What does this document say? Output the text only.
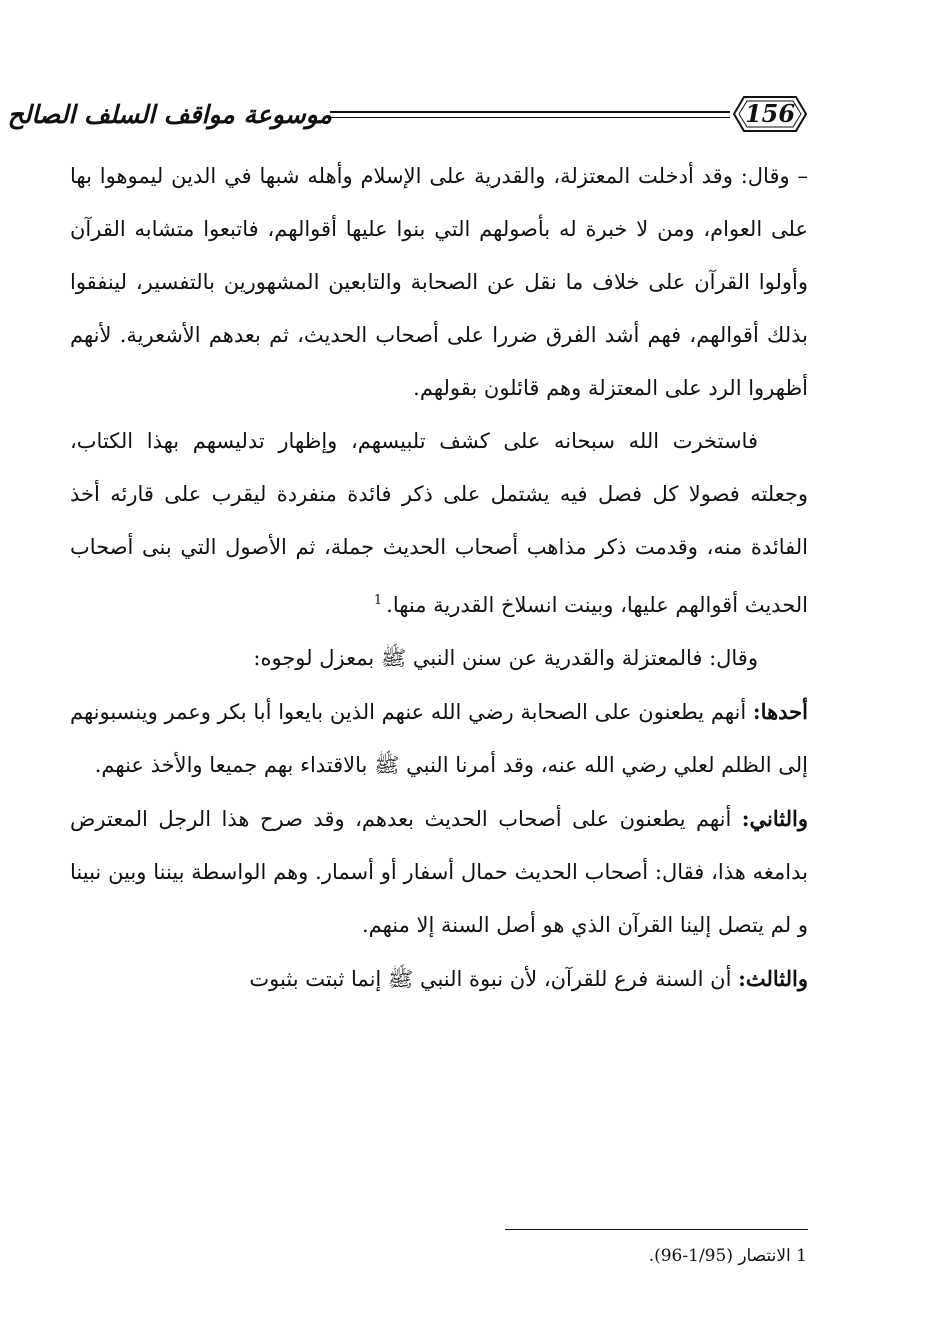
موسوعة مواقف السلف الصالح	156

– وقال: وقد أدخلت المعتزلة، والقدرية على الإسلام وأهله شبها في الدين ليموهوا بها على العوام، ومن لا خبرة له بأصولهم التي بنوا عليها أقوالهم، فاتبعوا متشابه القرآن وأولوا القرآن على خلاف ما نقل عن الصحابة والتابعين المشهورين بالتفسير، لينفقوا بذلك أقوالهم، فهم أشد الفرق ضررا على أصحاب الحديث، ثم بعدهم الأشعرية. لأنهم أظهروا الرد على المعتزلة وهم قائلون بقولهم.

فاستخرت الله سبحانه على كشف تلبيسهم، وإظهار تدليسهم بهذا الكتاب، وجعلته فصولا كل فصل فيه يشتمل على ذكر فائدة منفردة ليقرب على قارئه أخذ الفائدة منه، وقدمت ذكر مذاهب أصحاب الحديث جملة، ثم الأصول التي بنى أصحاب الحديث أقوالهم عليها، وبينت انسلاخ القدرية منها.$^1$

وقال: فالمعتزلة والقدرية عن سنن النبي ﷺ بمعزل لوجوه:

أحدها: أنهم يطعنون على الصحابة رضي الله عنهم الذين بايعوا أبا بكر وعمر وينسبونهم إلى الظلم لعلي رضي الله عنه، وقد أمرنا النبي ﷺ بالاقتداء بهم جميعا والأخذ عنهم.

والثاني: أنهم يطعنون على أصحاب الحديث بعدهم، وقد صرح هذا الرجل المعترض بدامغه هذا، فقال: أصحاب الحديث حمال أسفار أو أسمار. وهم الواسطة بيننا وبين نبينا و لم يتصل إلينا القرآن الذي هو أصل السنة إلا منهم.

والثالث: أن السنة فرع للقرآن، لأن نبوة النبي ﷺ إنما ثبتت بثبوت

1 الانتصار (1/95-96).
